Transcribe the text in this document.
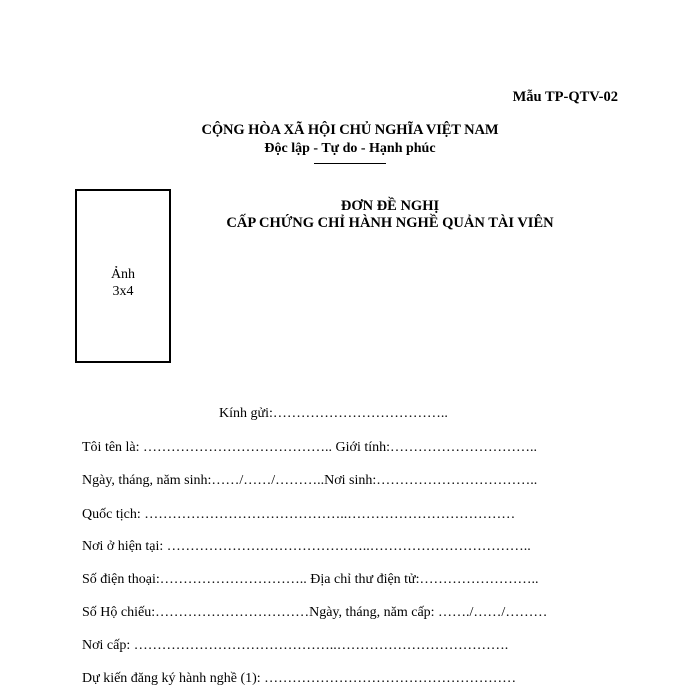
Mẫu TP-QTV-02
CỘNG HÒA XÃ HỘI CHỦ NGHĨA VIỆT NAM
Độc lập - Tự do - Hạnh phúc
Ảnh
3x4
ĐƠN ĐỀ NGHỊ
CẤP CHỨNG CHỈ HÀNH NGHỀ QUẢN TÀI VIÊN
Kính gửi:………………………………..
Tôi tên là: ………………………………….. Giới tính:…………………………..
Ngày, tháng, năm sinh:……/……/………..Nơi sinh:……………………………..
Quốc tịch: ……………………………………..………………………………
Nơi ở hiện tại: ……………………………………..……………………………..
Số điện thoại:………………………….. Địa chỉ thư điện tử:……………………..
Số Hộ chiếu:……………………………Ngày, tháng, năm cấp: ……./……/………
Nơi cấp: ……………………………………..……………………………….
Dự kiến đăng ký hành nghề (1): ………………………………………………
